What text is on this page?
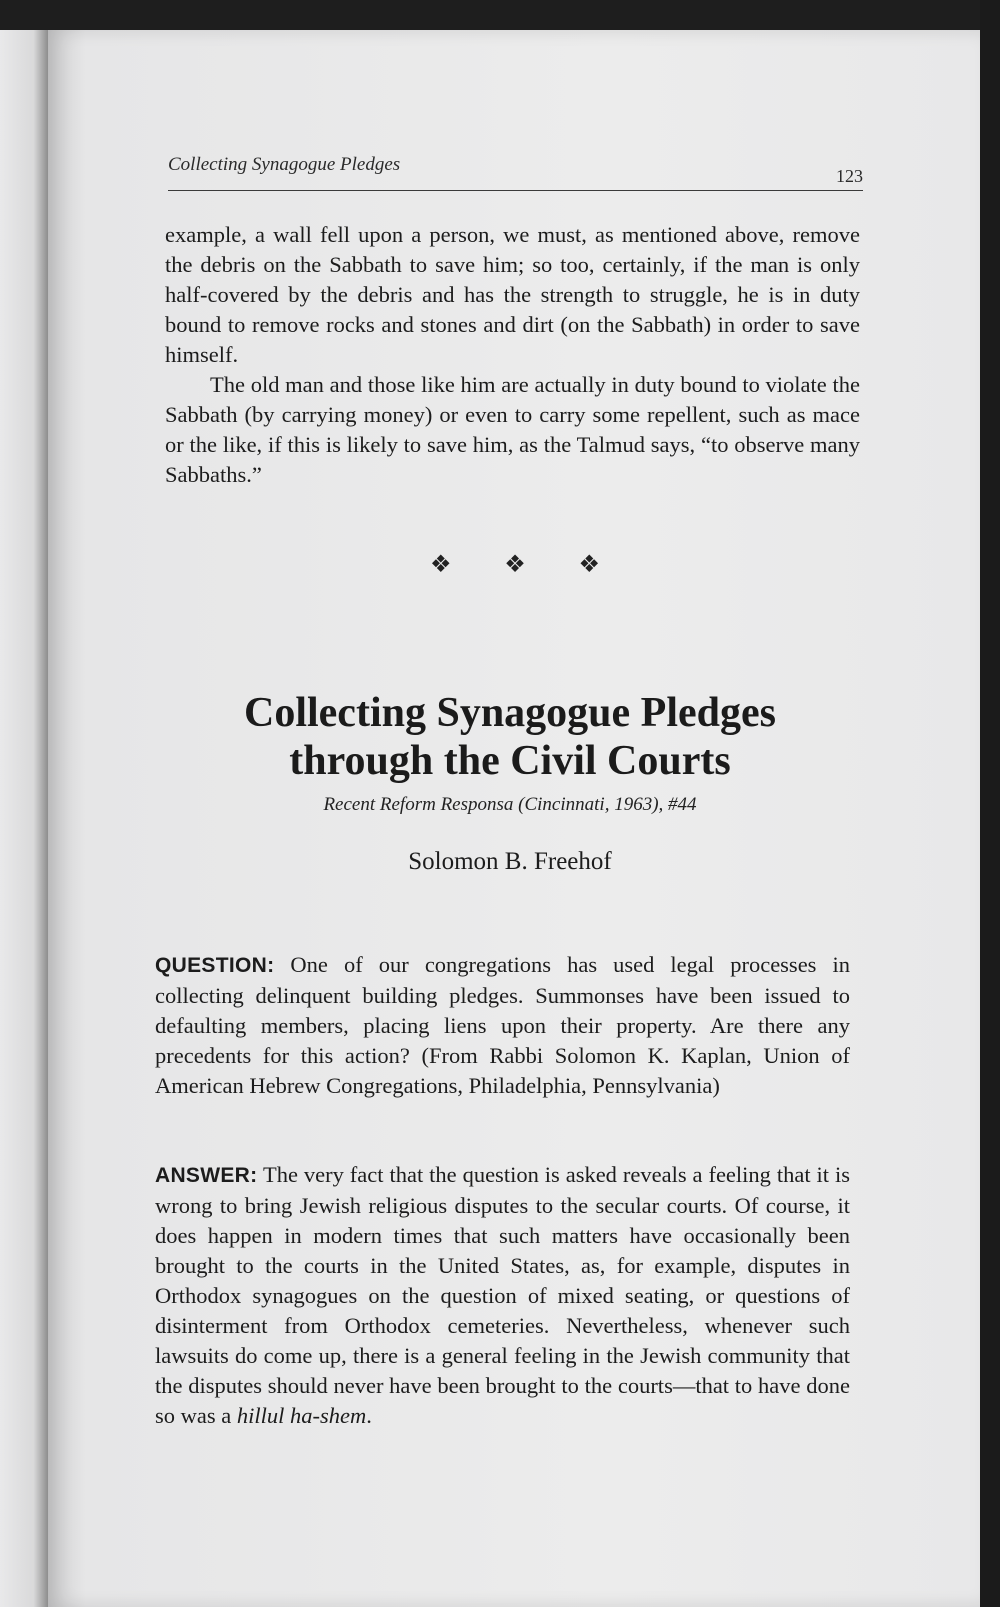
Collecting Synagogue Pledges
123

example, a wall fell upon a person, we must, as mentioned above, remove the debris on the Sabbath to save him; so too, certainly, if the man is only half-covered by the debris and has the strength to struggle, he is in duty bound to remove rocks and stones and dirt (on the Sabbath) in order to save himself.

The old man and those like him are actually in duty bound to violate the Sabbath (by carrying money) or even to carry some repellent, such as mace or the like, if this is likely to save him, as the Talmud says, “to observe many Sabbaths.”

❖ ❖ ❖
Collecting Synagogue Pledges
through the Civil Courts
Recent Reform Responsa (Cincinnati, 1963), #44
Solomon B. Freehof

QUESTION: One of our congregations has used legal processes in collecting delinquent building pledges. Summonses have been issued to defaulting members, placing liens upon their property. Are there any precedents for this action? (From Rabbi Solomon K. Kaplan, Union of American Hebrew Congregations, Philadelphia, Pennsylvania)

ANSWER: The very fact that the question is asked reveals a feeling that it is wrong to bring Jewish religious disputes to the secular courts. Of course, it does happen in modern times that such matters have occasionally been brought to the courts in the United States, as, for example, disputes in Orthodox synagogues on the question of mixed seating, or questions of disinterment from Orthodox cemeteries. Nevertheless, whenever such lawsuits do come up, there is a general feeling in the Jewish community that the disputes should never have been brought to the courts—that to have done so was a hillul ha-shem.
